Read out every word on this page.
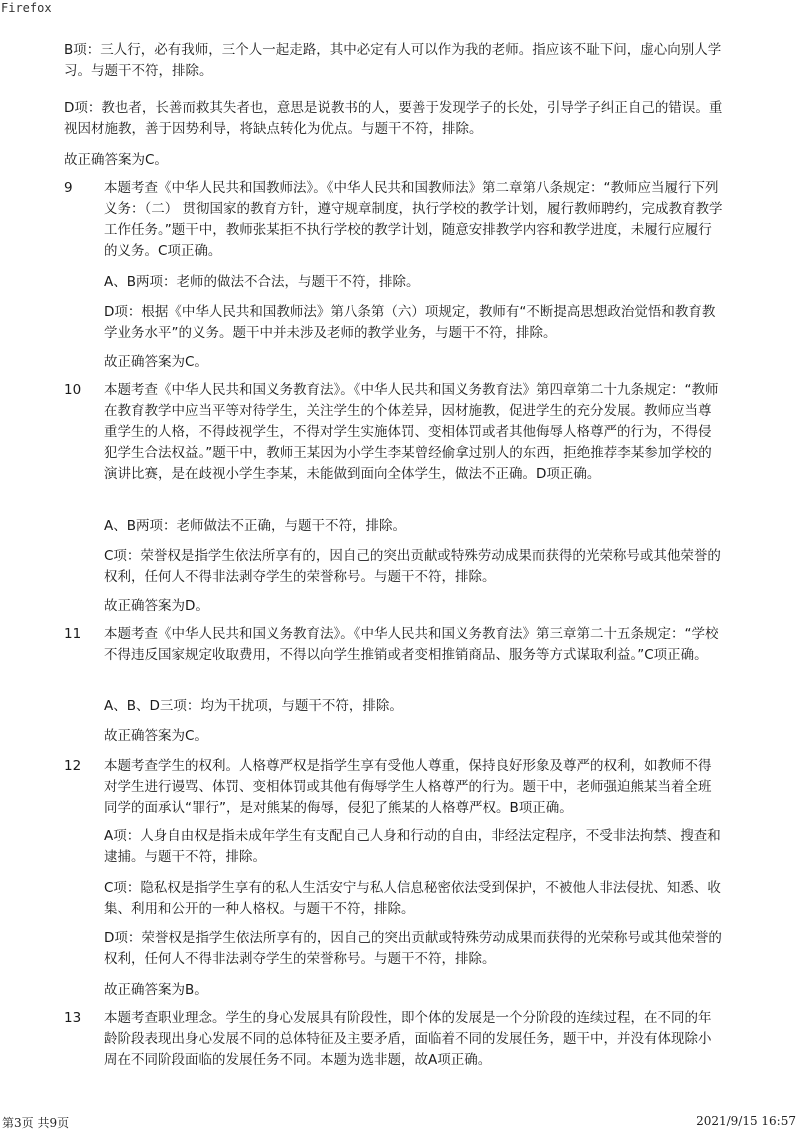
Firefox

B项：三人行，必有我师，三个人一起走路，其中必定有人可以作为我的老师。指应该不耻下问，虚心向别人学习。与题干不符，排除。

D项：教也者，长善而救其失者也，意思是说教书的人，要善于发现学子的长处，引导学子纠正自己的错误。重视因材施教，善于因势利导，将缺点转化为优点。与题干不符，排除。

故正确答案为C。

9 本题考查《中华人民共和国教师法》。《中华人民共和国教师法》第二章第八条规定：“教师应当履行下列义务：（二） 贯彻国家的教育方针，遵守规章制度，执行学校的教学计划，履行教师聘约，完成教育教学工作任务。”题干中，教师张某拒不执行学校的教学计划，随意安排教学内容和教学进度，未履行应履行的义务。C项正确。

A、B两项：老师的做法不合法，与题干不符，排除。

D项：根据《中华人民共和国教师法》第八条第（六）项规定，教师有“不断提高思想政治觉悟和教育教学业务水平”的义务。题干中并未涉及老师的教学业务，与题干不符，排除。

故正确答案为C。

10 本题考查《中华人民共和国义务教育法》。《中华人民共和国义务教育法》第四章第二十九条规定：“教师在教育教学中应当平等对待学生，关注学生的个体差异，因材施教，促进学生的充分发展。教师应当尊重学生的人格，不得歧视学生，不得对学生实施体罚、变相体罚或者其他侮辱人格尊严的行为，不得侵犯学生合法权益。”题干中，教师王某因为小学生李某曾经偷拿过别人的东西，拒绝推荐李某参加学校的演讲比赛，是在歧视小学生李某，未能做到面向全体学生，做法不正确。D项正确。

A、B两项：老师做法不正确，与题干不符，排除。

C项：荣誉权是指学生依法所享有的，因自己的突出贡献或特殊劳动成果而获得的光荣称号或其他荣誉的权利，任何人不得非法剥夺学生的荣誉称号。与题干不符，排除。

故正确答案为D。

11 本题考查《中华人民共和国义务教育法》。《中华人民共和国义务教育法》第三章第二十五条规定：“学校不得违反国家规定收取费用，不得以向学生推销或者变相推销商品、服务等方式谋取利益。”C项正确。

A、B、D三项：均为干扰项，与题干不符，排除。

故正确答案为C。

12 本题考查学生的权利。人格尊严权是指学生享有受他人尊重，保持良好形象及尊严的权利，如教师不得对学生进行谩骂、体罚、变相体罚或其他有侮辱学生人格尊严的行为。题干中，老师强迫熊某当着全班同学的面承认“罪行”，是对熊某的侮辱，侵犯了熊某的人格尊严权。B项正确。

A项：人身自由权是指未成年学生有支配自己人身和行动的自由，非经法定程序，不受非法拘禁、搜查和逮捕。与题干不符，排除。

C项：隐私权是指学生享有的私人生活安宁与私人信息秘密依法受到保护，不被他人非法侵扰、知悉、收集、利用和公开的一种人格权。与题干不符，排除。

D项：荣誉权是指学生依法所享有的，因自己的突出贡献或特殊劳动成果而获得的光荣称号或其他荣誉的权利，任何人不得非法剥夺学生的荣誉称号。与题干不符，排除。

故正确答案为B。

13 本题考查职业理念。学生的身心发展具有阶段性，即个体的发展是一个分阶段的连续过程，在不同的年龄阶段表现出身心发展不同的总体特征及主要矛盾，面临着不同的发展任务，题干中，并没有体现除小周在不同阶段面临的发展任务不同。本题为选非题，故A项正确。

第3页 共9页	2021/9/15 16:57
